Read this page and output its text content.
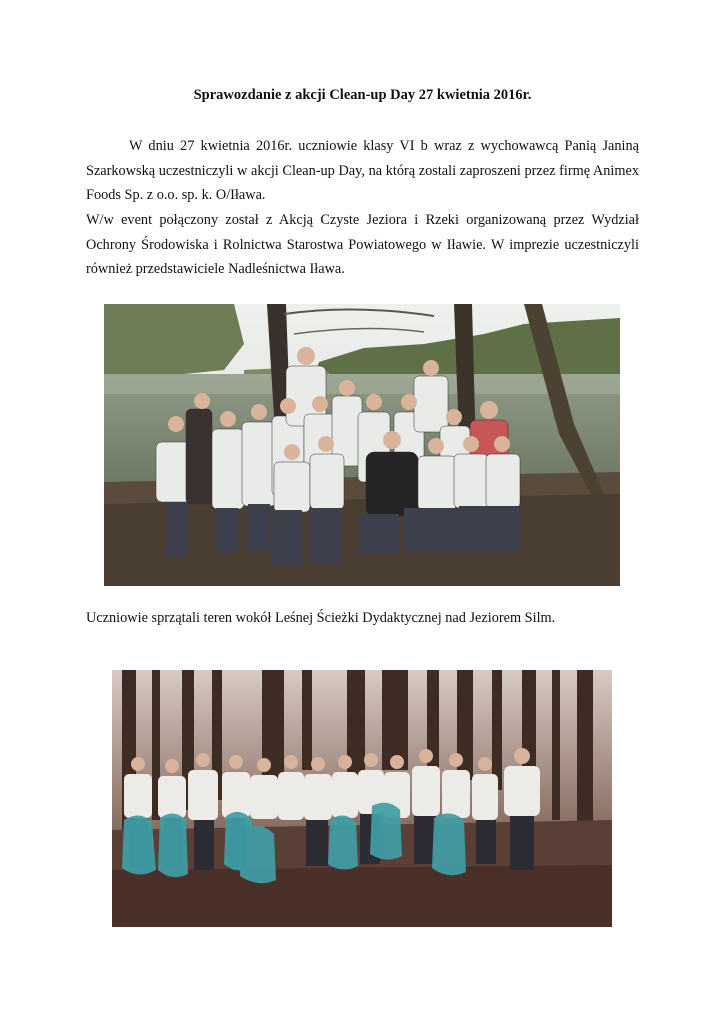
Sprawozdanie z akcji Clean-up Day 27 kwietnia 2016r.

W dniu 27 kwietnia 2016r. uczniowie klasy VI b wraz z wychowawcą Panią Janiną Szarkowską uczestniczyli w akcji Clean-up Day, na którą zostali zaproszeni przez firmę Animex Foods Sp. z o.o. sp. k. O/Iława.

W/w event połączony został z Akcją Czyste Jeziora i Rzeki organizowaną przez Wydział Ochrony Środowiska i Rolnictwa Starostwa Powiatowego w Iławie. W imprezie uczestniczyli również przedstawiciele Nadleśnictwa Iława.

Uczniowie sprzątali teren wokół Leśnej Ścieżki Dydaktycznej nad Jeziorem Silm.
